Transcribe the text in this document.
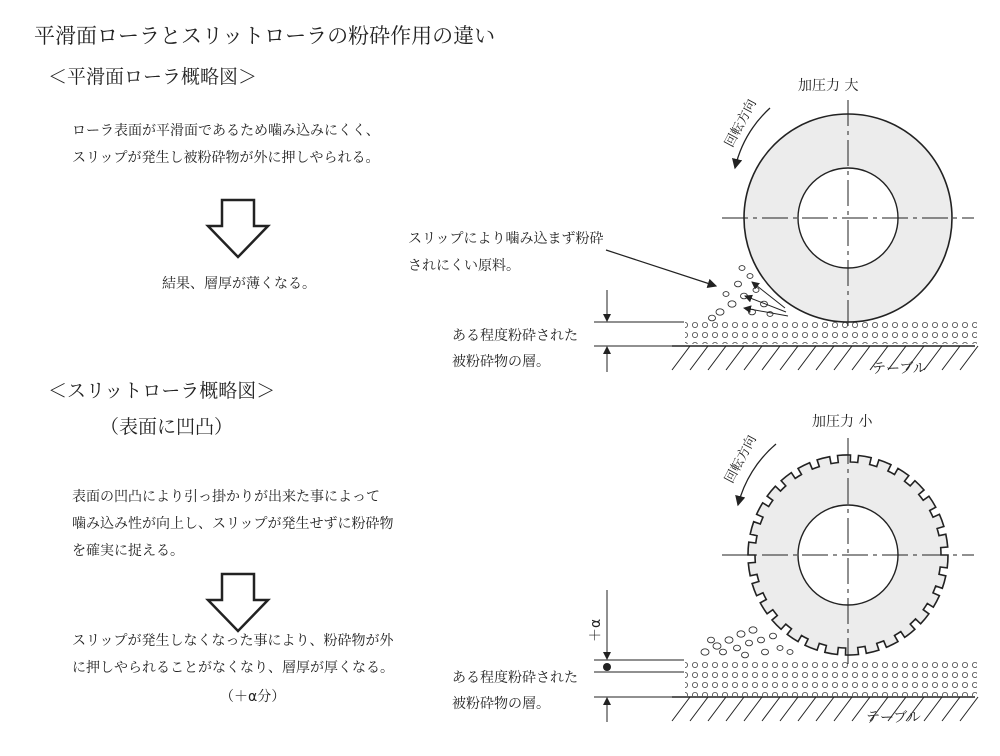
平滑面ローラとスリットローラの粉砕作用の違い
＜平滑面ローラ概略図＞
ローラ表面が平滑面であるため噛み込みにくく、
スリップが発生し被粉砕物が外に押しやられる。
結果、層厚が薄くなる。
＜スリットローラ概略図＞
（表面に凹凸）
表面の凹凸により引っ掛かりが出来た事によって
噛み込み性が向上し、スリップが発生せずに粉砕物
を確実に捉える。
スリップが発生しなくなった事により、粉砕物が外
に押しやられることがなくなり、層厚が厚くなる。
（＋α分）
加圧力 大
回転方向
テーブル
スリップにより噛み込まず粉砕
されにくい原料。
ある程度粉砕された
被粉砕物の層。
加圧力 小
回転方向
テーブル
＋α
ある程度粉砕された
被粉砕物の層。
